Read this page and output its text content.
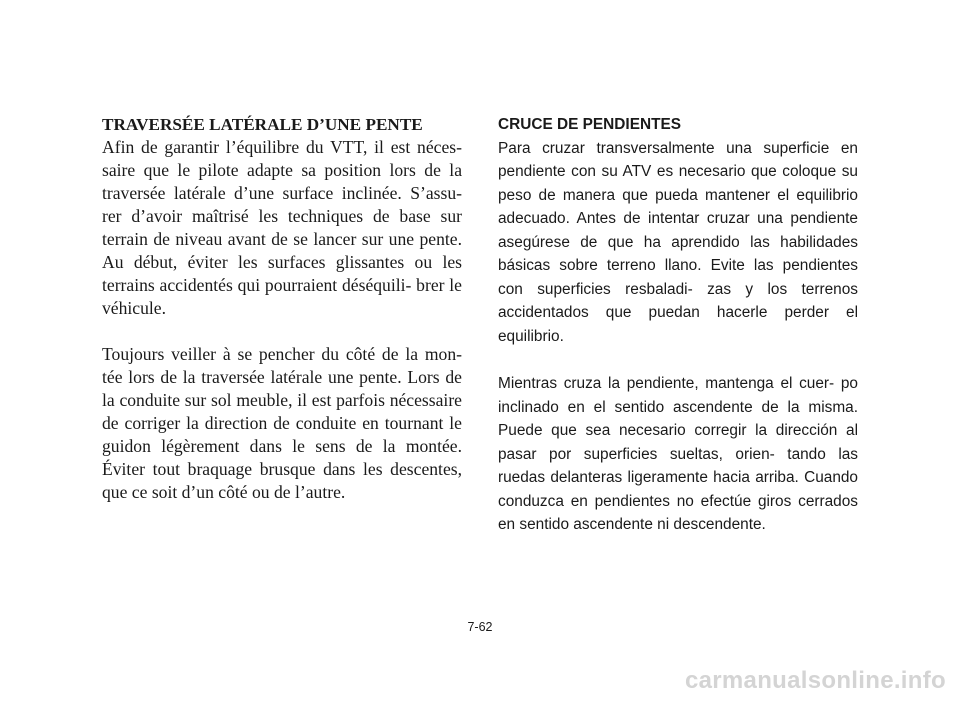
TRAVERSÉE LATÉRALE D’UNE PENTE

Afin de garantir l’équilibre du VTT, il est néces- saire que le pilote adapte sa position lors de la traversée latérale d’une surface inclinée. S’assu- rer d’avoir maîtrisé les techniques de base sur terrain de niveau avant de se lancer sur une pente. Au début, éviter les surfaces glissantes ou les terrains accidentés qui pourraient déséquili- brer le véhicule.

Toujours veiller à se pencher du côté de la mon- tée lors de la traversée latérale une pente. Lors de la conduite sur sol meuble, il est parfois nécessaire de corriger la direction de conduite en tournant le guidon légèrement dans le sens de la montée. Éviter tout braquage brusque dans les descentes, que ce soit d’un côté ou de l’autre.

CRUCE DE PENDIENTES

Para cruzar transversalmente una superficie en pendiente con su ATV es necesario que coloque su peso de manera que pueda mantener el equilibrio adecuado. Antes de intentar cruzar una pendiente asegúrese de que ha aprendido las habilidades básicas sobre terreno llano. Evite las pendientes con superficies resbaladi- zas y los terrenos accidentados que puedan hacerle perder el equilibrio.

Mientras cruza la pendiente, mantenga el cuer- po inclinado en el sentido ascendente de la misma. Puede que sea necesario corregir la dirección al pasar por superficies sueltas, orien- tando las ruedas delanteras ligeramente hacia arriba. Cuando conduzca en pendientes no efectúe giros cerrados en sentido ascendente ni descendente.

7-62
carmanualsonline.info
